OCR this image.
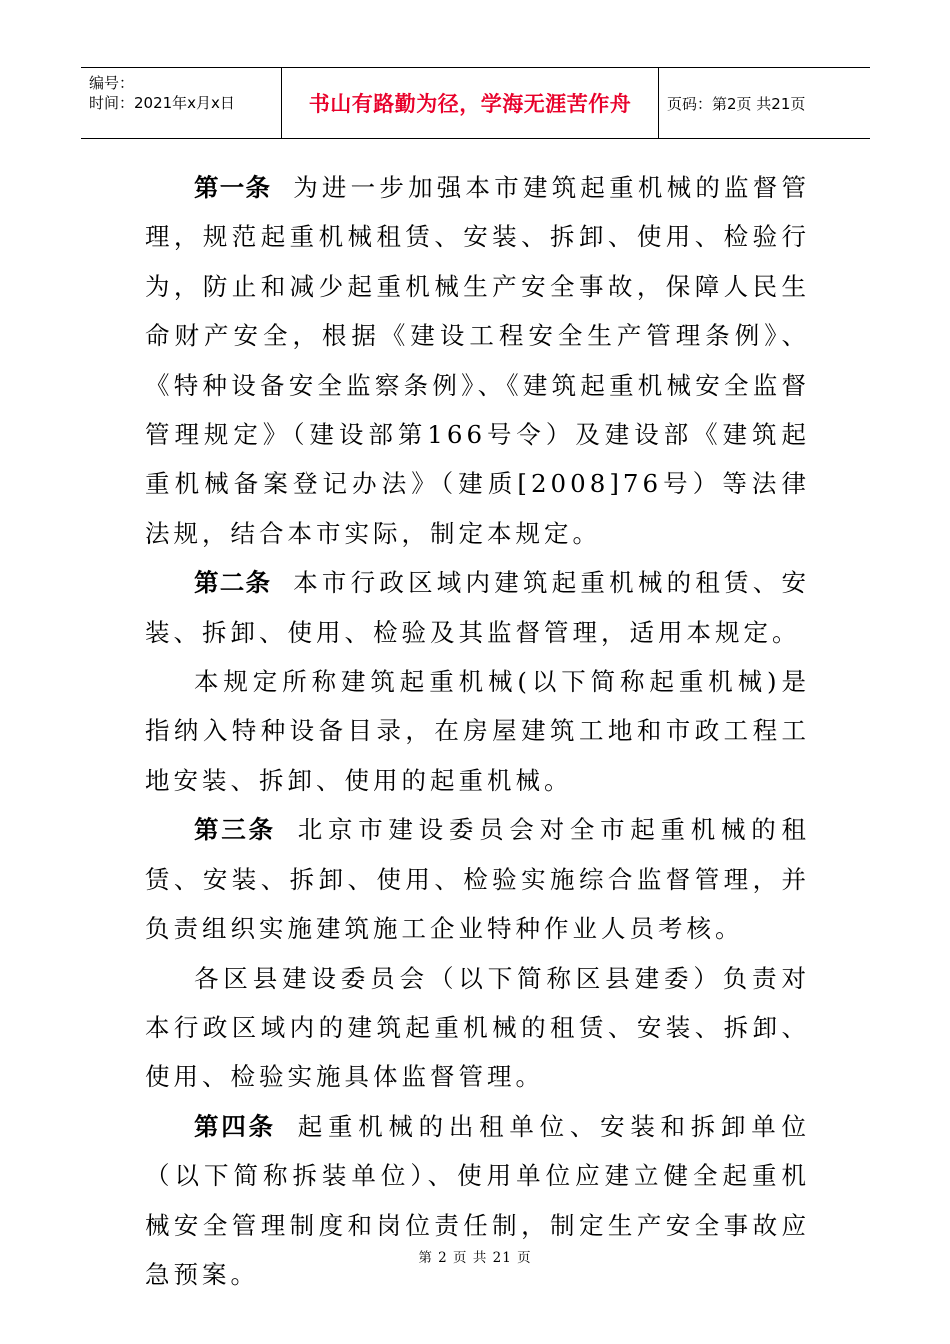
编号：
时间：2021年x月x日	书山有路勤为径，学海无涯苦作舟 页码：第2页 共21页

第一条 为进一步加强本市建筑起重机械的监督管理，规范起重机械租赁、安装、拆卸、使用、检验行为，防止和减少起重机械生产安全事故，保障人民生命财产安全，根据《建设工程安全生产管理条例》、《特种设备安全监察条例》、《建筑起重机械安全监督管理规定》（建设部第166号令）及建设部《建筑起重机械备案登记办法》（建质[2008]76号）等法律法规，结合本市实际，制定本规定。

第二条 本市行政区域内建筑起重机械的租赁、安装、拆卸、使用、检验及其监督管理，适用本规定。

本规定所称建筑起重机械(以下简称起重机械)是指纳入特种设备目录，在房屋建筑工地和市政工程工地安装、拆卸、使用的起重机械。

第三条 北京市建设委员会对全市起重机械的租赁、安装、拆卸、使用、检验实施综合监督管理，并负责组织实施建筑施工企业特种作业人员考核。

各区县建设委员会（以下简称区县建委）负责对本行政区域内的建筑起重机械的租赁、安装、拆卸、使用、检验实施具体监督管理。

第四条 起重机械的出租单位、安装和拆卸单位（以下简称拆装单位）、使用单位应建立健全起重机械安全管理制度和岗位责任制，制定生产安全事故应急预案。

第 2 页 共 21 页
